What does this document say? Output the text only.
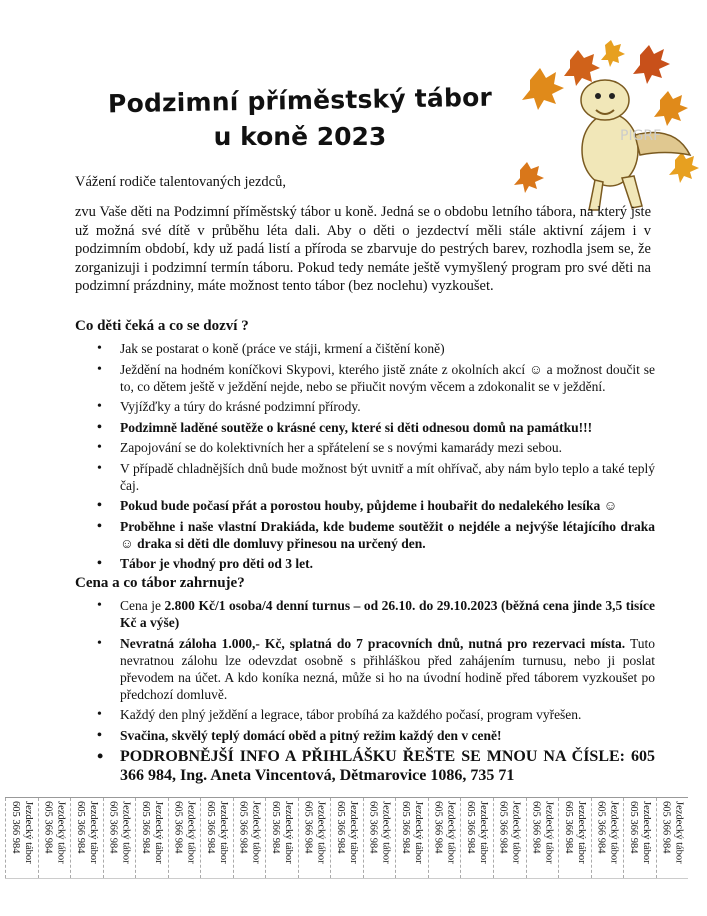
Podzimní příměstský tábor
u koně 2023	PIGRF
Vážení rodiče talentovaných jezdců,
zvu Vaše děti na Podzimní příměstský tábor u koně. Jedná se o obdobu letního tábora, na který jste už možná své dítě v průběhu léta dali. Aby o děti o jezdectví měli stále aktivní zájem i v podzimním období, kdy už padá listí a příroda se zbarvuje do pestrých barev, rozhodla jsem se, že zorganizuji i podzimní termín táboru. Pokud tedy nemáte ještě vymyšlený program pro své děti na podzimní prázdniny, máte možnost tento tábor (bez noclehu) vyzkoušet.
Co děti čeká a co se dozví ?
• Jak se postarat o koně (práce ve stáji, krmení a čištění koně)
• Ježdění na hodném koníčkovi Skypovi, kterého jistě znáte z okolních akcí ☺ a možnost doučit se to, co dětem ještě v ježdění nejde, nebo se přiučit novým věcem a zdokonalit se v ježdění.
• Vyjížďky a túry do krásné podzimní přírody.
• Podzimně laděné soutěže o krásné ceny, které si děti odnesou domů na památku!!!
• Zapojování se do kolektivních her a spřátelení se s novými kamarády mezi sebou.
• V případě chladnějších dnů bude možnost být uvnitř a mít ohřívač, aby nám bylo teplo a také teplý čaj.
• Pokud bude počasí přát a porostou houby, půjdeme i houbařit do nedalekého lesíka ☺
• Proběhne i naše vlastní Drakiáda, kde budeme soutěžit o nejdéle a nejvýše létajícího draka ☺ draka si děti dle domluvy přinesou na určený den.
• Tábor je vhodný pro děti od 3 let.
Cena a co tábor zahrnuje?
• Cena je 2.800 Kč/1 osoba/4 denní turnus – od 26.10. do 29.10.2023 (běžná cena jinde 3,5 tisíce Kč a výše)
• Nevratná záloha 1.000,- Kč, splatná do 7 pracovních dnů, nutná pro rezervaci místa. Tuto nevratnou zálohu lze odevzdat osobně s přihláškou před zahájením turnusu, nebo ji poslat převodem na účet. A kdo koníka nezná, může si ho na úvodní hodině před táborem vyzkoušet po předchozí domluvě.
• Každý den plný ježdění a legrace, tábor probíhá za každého počasí, program vyřešen.
• Svačina, skvělý teplý domácí oběd a pitný režim každý den v ceně!
• PODROBNĚJŠÍ INFO A PŘIHLÁŠKU ŘEŠTE SE MNOU NA ČÍSLE: 605 366 984, Ing. Aneta Vincentová, Dětmarovice 1086, 735 71
Jezdecký tábor
605 366 984
Jezdecký tábor
605 366 984
Jezdecký tábor
605 366 984
Jezdecký tábor
605 366 984
Jezdecký tábor
605 366 984
Jezdecký tábor
605 366 984
Jezdecký tábor
605 366 984
Jezdecký tábor
605 366 984
Jezdecký tábor
605 366 984
Jezdecký tábor
605 366 984
Jezdecký tábor
605 366 984
Jezdecký tábor
605 366 984
Jezdecký tábor
605 366 984
Jezdecký tábor
605 366 984
Jezdecký tábor
605 366 984
Jezdecký tábor
605 366 984
Jezdecký tábor
605 366 984
Jezdecký tábor
605 366 984
Jezdecký tábor
605 366 984
Jezdecký tábor
605 366 984
Jezdecký tábor
605 366 984
